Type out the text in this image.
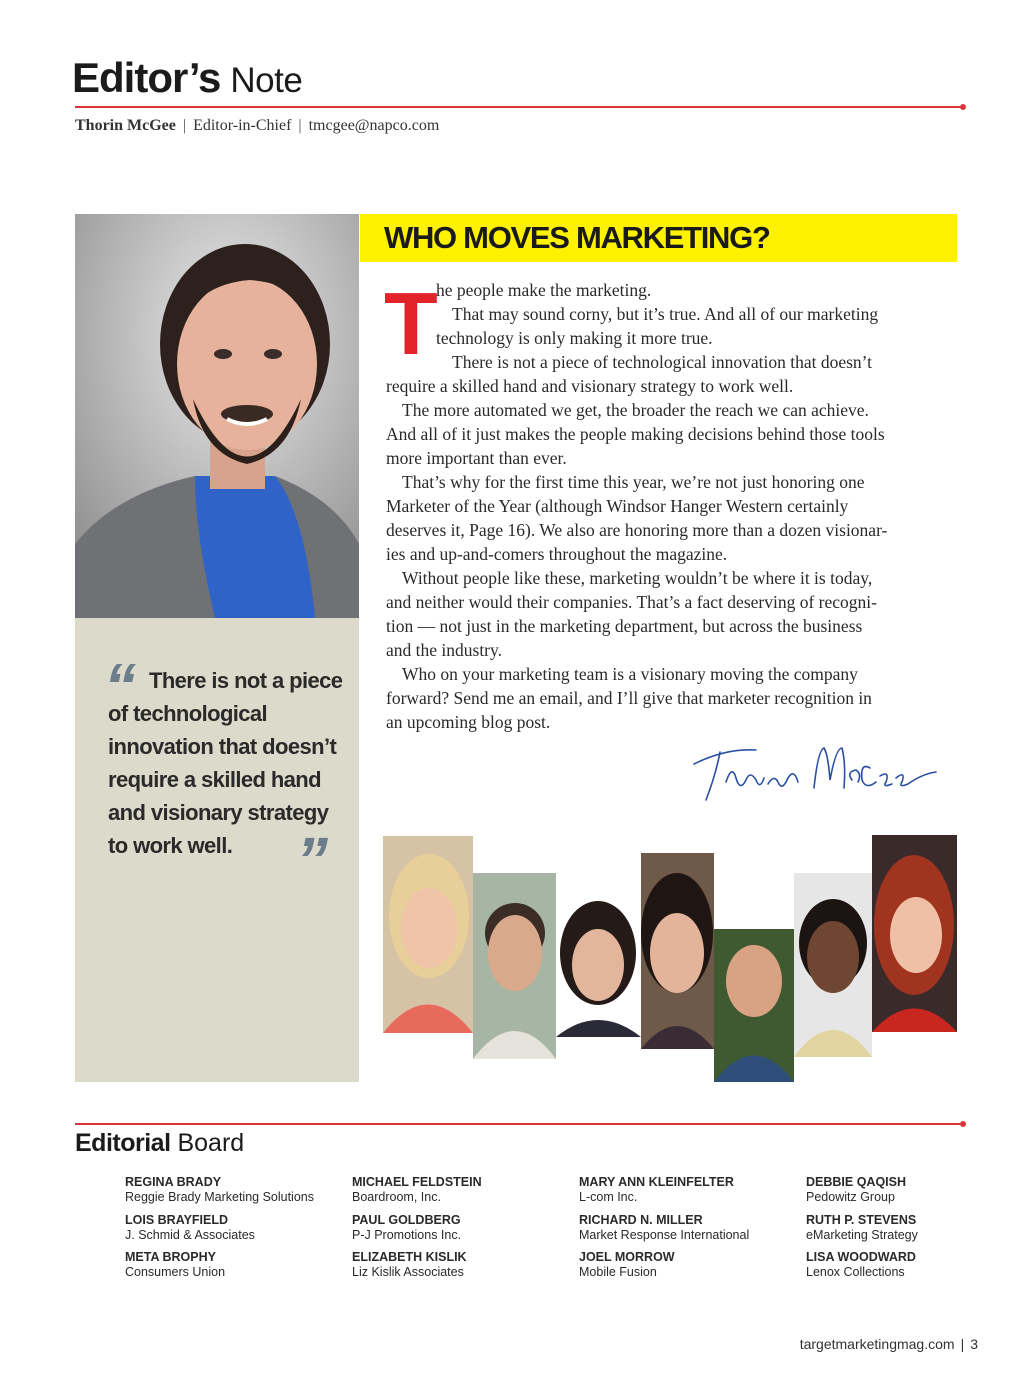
Editor’s Note
Thorin McGee | Editor-in-Chief | tmcgee@napco.com
“
”
There is not a piece
of technological
innovation that doesn’t
require a skilled hand
and visionary strategy
to work well.
WHO MOVES MARKETING?
T
he people make the marketing.
That may sound corny, but it’s true. And all of our marketing
technology is only making it more true.
There is not a piece of technological innovation that doesn’t
require a skilled hand and visionary strategy to work well.
The more automated we get, the broader the reach we can achieve.
And all of it just makes the people making decisions behind those tools
more important than ever.
That’s why for the first time this year, we’re not just honoring one
Marketer of the Year (although Windsor Hanger Western certainly
deserves it, Page 16). We also are honoring more than a dozen visionar-
ies and up-and-comers throughout the magazine.
Without people like these, marketing wouldn’t be where it is today,
and neither would their companies. That’s a fact deserving of recogni-
tion — not just in the marketing department, but across the business
and the industry.
Who on your marketing team is a visionary moving the company
forward? Send me an email, and I’ll give that marketer recognition in
an upcoming blog post.
Editorial Board
REGINA BRADY
Reggie Brady Marketing Solutions
LOIS BRAYFIELD
J. Schmid & Associates
META BROPHY
Consumers Union
MICHAEL FELDSTEIN
Boardroom, Inc.
PAUL GOLDBERG
P-J Promotions Inc.
ELIZABETH KISLIK
Liz Kislik Associates
MARY ANN KLEINFELTER
L-com Inc.
RICHARD N. MILLER
Market Response International
JOEL MORROW
Mobile Fusion
DEBBIE QAQISH
Pedowitz Group
RUTH P. STEVENS
eMarketing Strategy
LISA WOODWARD
Lenox Collections
targetmarketingmag.com | 3
